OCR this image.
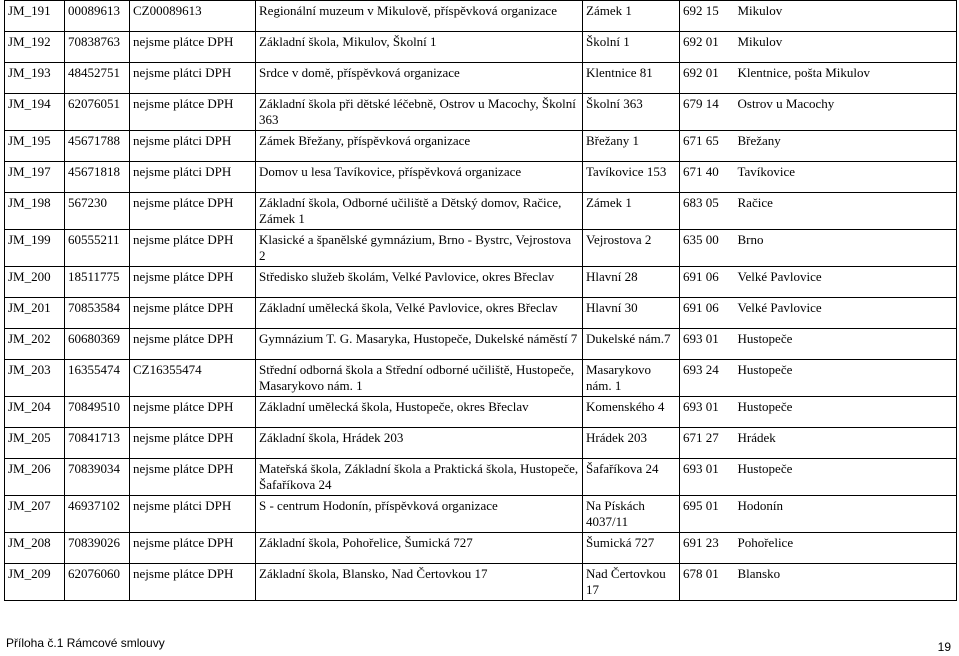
JM_191	00089613	CZ00089613	Regionální muzeum v Mikulově, příspěvková organizace	Zámek 1	692 15	Mikulov
JM_192	70838763	nejsme plátce DPH	Základní škola, Mikulov, Školní 1	Školní 1	692 01	Mikulov
JM_193	48452751	nejsme plátci DPH	Srdce v domě, příspěvková organizace	Klentnice 81	692 01	Klentnice, pošta Mikulov
JM_194	62076051	nejsme plátce DPH	Základní škola při dětské léčebně, Ostrov u Macochy, Školní 363	Školní 363	679 14	Ostrov u Macochy
JM_195	45671788	nejsme plátci DPH	Zámek Břežany, příspěvková organizace	Břežany 1	671 65	Břežany
JM_197	45671818	nejsme plátci DPH	Domov u lesa Tavíkovice, příspěvková organizace	Tavíkovice 153	671 40	Tavíkovice
JM_198	567230	nejsme plátce DPH	Základní škola, Odborné učiliště a Dětský domov, Račice, Zámek 1	Zámek 1	683 05	Račice
JM_199	60555211	nejsme plátce DPH	Klasické a španělské gymnázium, Brno - Bystrc, Vejrostova 2	Vejrostova 2	635 00	Brno
JM_200	18511775	nejsme plátce DPH	Středisko služeb školám, Velké Pavlovice, okres Břeclav	Hlavní 28	691 06	Velké Pavlovice
JM_201	70853584	nejsme plátce DPH	Základní umělecká škola, Velké Pavlovice, okres Břeclav	Hlavní 30	691 06	Velké Pavlovice
JM_202	60680369	nejsme plátce DPH	Gymnázium T. G. Masaryka, Hustopeče, Dukelské náměstí 7	Dukelské nám.7	693 01	Hustopeče
JM_203	16355474	CZ16355474	Střední odborná škola a Střední odborné učiliště, Hustopeče, Masarykovo nám. 1	Masarykovo nám. 1	693 24	Hustopeče
JM_204	70849510	nejsme plátce DPH	Základní umělecká škola, Hustopeče, okres Břeclav	Komenského 4	693 01	Hustopeče
JM_205	70841713	nejsme plátce DPH	Základní škola, Hrádek 203	Hrádek 203	671 27	Hrádek
JM_206	70839034	nejsme plátce DPH	Mateřská škola, Základní škola a Praktická škola, Hustopeče, Šafaříkova 24	Šafaříkova 24	693 01	Hustopeče
JM_207	46937102	nejsme plátci DPH	S - centrum Hodonín, příspěvková organizace	Na Pískách 4037/11	695 01	Hodonín
JM_208	70839026	nejsme plátce DPH	Základní škola, Pohořelice, Šumická 727	Šumická 727	691 23	Pohořelice
JM_209	62076060	nejsme plátce DPH	Základní škola, Blansko, Nad Čertovkou 17	Nad Čertovkou 17	678 01	Blansko
Příloha č.1 Rámcové smlouvy	19
